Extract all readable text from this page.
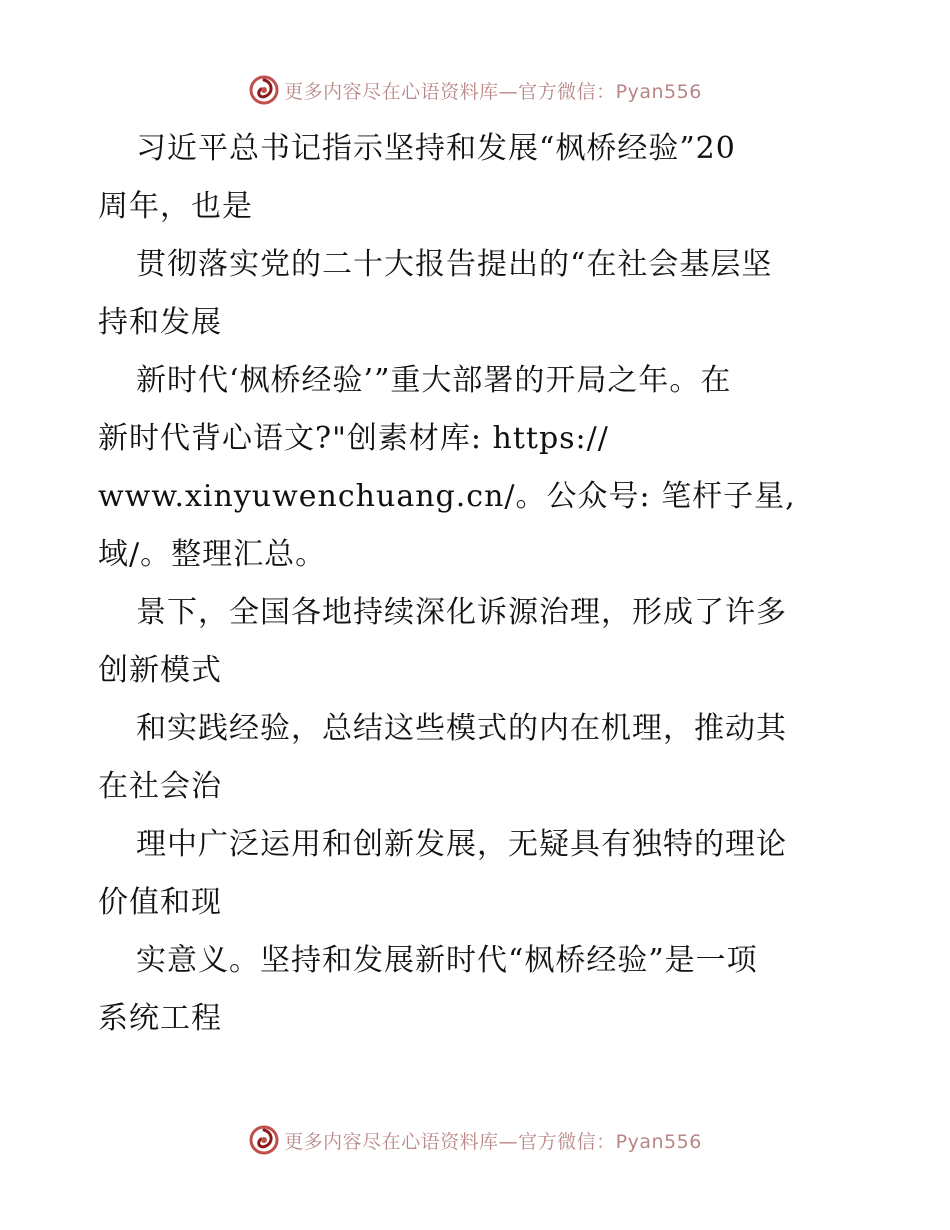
更多内容尽在心语资料库—官方微信：Pyan556
习近平总书记指示坚持和发展“枫桥经验”20
周年，也是
贯彻落实党的二十大报告提出的“在社会基层坚
持和发展
新时代‘枫桥经验’”重大部署的开局之年。在
新时代背心语文?"创素材库: https://
www.xinyuwenchuang.cn/。公众号: 笔杆子星,
域/。整理汇总。
景下，全国各地持续深化诉源治理，形成了许多
创新模式
和实践经验，总结这些模式的内在机理，推动其
在社会治
理中广泛运用和创新发展，无疑具有独特的理论
价值和现
实意义。坚持和发展新时代“枫桥经验”是一项
系统工程
更多内容尽在心语资料库—官方微信：Pyan556
